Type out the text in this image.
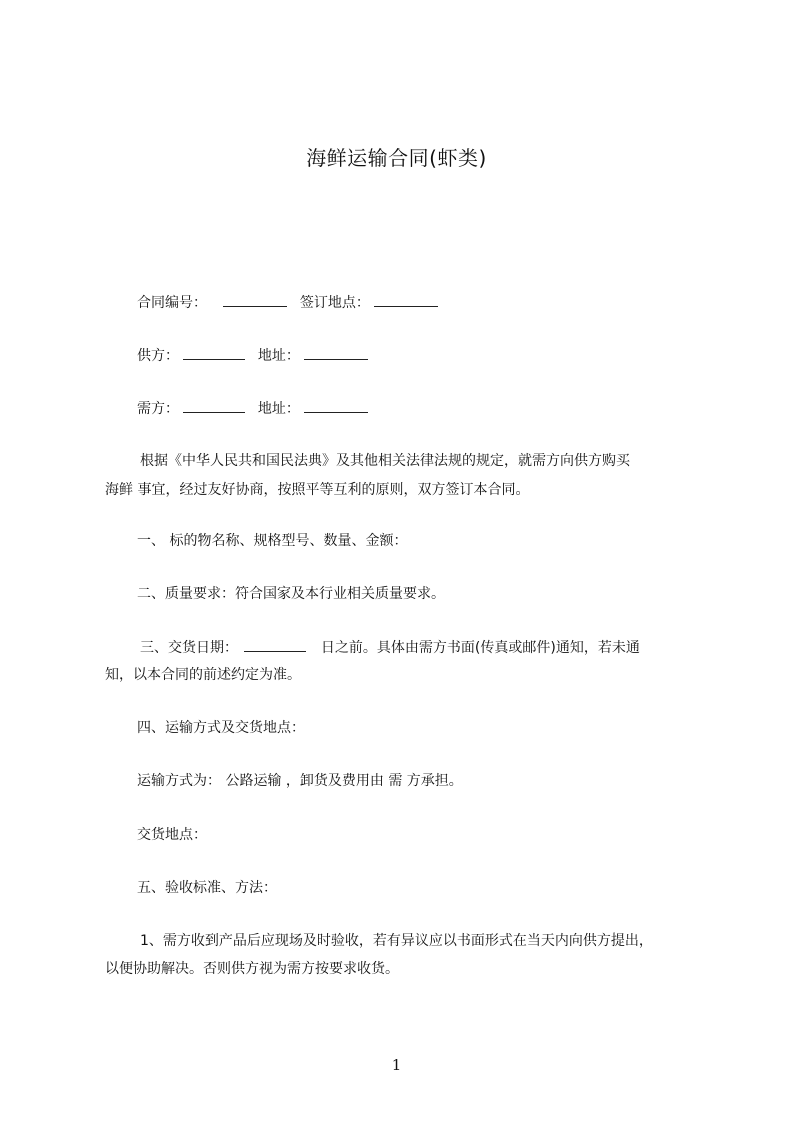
海鲜运输合同(虾类)
合同编号：	签订地点：
供方：	地址：
需方：	地址：
根据《中华人民共和国民法典》及其他相关法律法规的规定，就需方向供方购买
海鲜 事宜，经过友好协商，按照平等互利的原则，双方签订本合同。
一、 标的物名称、规格型号、数量、金额：
二、质量要求：符合国家及本行业相关质量要求。
三、交货日期：	日之前。具体由需方书面(传真或邮件)通知，若未通
知，以本合同的前述约定为准。
四、运输方式及交货地点：
运输方式为： 公路运输 ，卸货及费用由 需 方承担。
交货地点：
五、验收标准、方法：
1、需方收到产品后应现场及时验收，若有异议应以书面形式在当天内向供方提出，
以便协助解决。否则供方视为需方按要求收货。
1
